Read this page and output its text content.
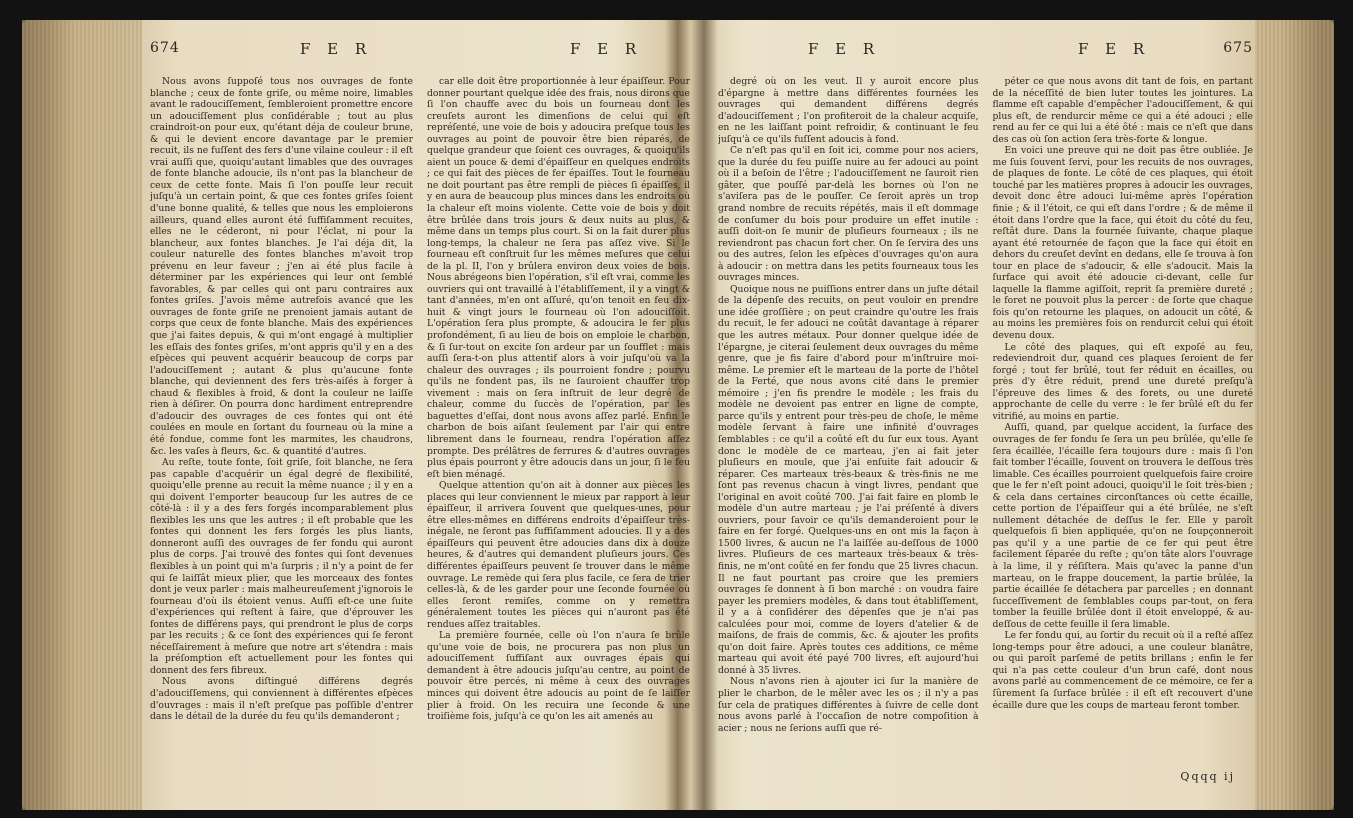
674	F E R	F E R

Nous avons ſuppoſé tous nos ouvrages de fonte blanche ; ceux de fonte griſe, ou même noire, limables avant le radouciſſement, ſembleroient promettre encore un adouciſſement plus conſidérable ; tout au plus craindroit-on pour eux, qu'étant déja de couleur brune, & qui le devient encore davantage par le premier recuit, ils ne fuſſent des fers d'une vilaine couleur : il eſt vrai auſſi que, quoiqu'autant limables que des ouvrages de fonte blanche adoucie, ils n'ont pas la blancheur de ceux de cette fonte. Mais ſi l'on pouſſe leur recuit juſqu'à un certain point, & que ces fontes griſes ſoient d'une bonne qualité, & telles que nous les emploierons ailleurs, quand elles auront été ſuffiſamment recuites, elles ne le céderont, ni pour l'éclat, ni pour la blancheur, aux fontes blanches. Je l'ai déja dit, la couleur naturelle des fontes blanches m'avoit trop prévenu en leur faveur ; j'en ai été plus facile à déterminer par les expériences qui leur ont ſemblé favorables, & par celles qui ont paru contraires aux fontes griſes. J'avois même autrefois avancé que les ouvrages de fonte griſe ne prenoient jamais autant de corps que ceux de fonte blanche. Mais des expériences que j'ai faites depuis, & qui m'ont engagé à multiplier les eſſais des fontes griſes, m'ont appris qu'il y en a des eſpèces qui peuvent acquérir beaucoup de corps par l'adouciſſement ; autant & plus qu'aucune fonte blanche, qui deviennent des fers très-aiſés à forger à chaud & flexibles à froid, & dont la couleur ne laiſſe rien à déſirer. On pourra donc hardiment entreprendre d'adoucir des ouvrages de ces fontes qui ont été coulées en moule en ſortant du fourneau où la mine a été fondue, comme font les marmites, les chaudrons, &c. les vaſes à fleurs, &c. & quantité d'autres.

Au reſte, toute fonte, ſoit griſe, ſoit blanche, ne ſera pas capable d'acquérir un égal degré de flexibilité, quoiqu'elle prenne au recuit la même nuance ; il y en a qui doivent l'emporter beaucoup ſur les autres de ce côté-là : il y a des fers forgés incomparablement plus flexibles les uns que les autres ; il eſt probable que les fontes qui donnent les fers forgés les plus liants, donneront auſſi des ouvrages de fer fondu qui auront plus de corps. J'ai trouvé des fontes qui ſont devenues flexibles à un point qui m'a ſurpris ; il n'y a point de fer qui ſe laiſſât mieux plier, que les morceaux des fontes dont je veux parler : mais malheureuſement j'ignorois le fourneau d'où ils étoient venus. Auſſi eſt-ce une ſuite d'expériences qui reſtent à faire, que d'éprouver les fontes de différens pays, qui prendront le plus de corps par les recuits ; & ce ſont des expériences qui ſe feront néceſſairement à meſure que notre art s'étendra : mais la préſomption eſt actuellement pour les fontes qui donnent des fers fibreux.

Nous avons diſtingué différens degrés d'adouciſſemens, qui conviennent à différentes eſpèces d'ouvrages : mais il n'eſt preſque pas poſſible d'entrer dans le détail de la durée du feu qu'ils demanderont ;

car elle doit être proportionnée à leur épaiſſeur. Pour donner pourtant quelque idée des frais, nous dirons que ſi l'on chauffe avec du bois un fourneau dont les creuſets auront les dimenſions de celui qui eſt repréſenté, une voie de bois y adoucira preſque tous les ouvrages au point de pouvoir être bien réparés, de quelque grandeur que ſoient ces ouvrages, & quoiqu'ils aient un pouce & demi d'épaiſſeur en quelques endroits ; ce qui fait des pièces de fer épaiſſes. Tout le fourneau ne doit pourtant pas être rempli de pièces ſi épaiſſes, il y en aura de beaucoup plus minces dans les endroits où la chaleur eſt moins violente. Cette voie de bois y doit être brûlée dans trois jours & deux nuits au plus, & même dans un temps plus court. Si on la fait durer plus long-temps, la chaleur ne ſera pas aſſez vive. Si le fourneau eſt conſtruit ſur les mêmes meſures que celui de la pl. II, l'on y brûlera environ deux voies de bois. Nous abrégeons bien l'opération, s'il eſt vrai, comme les ouvriers qui ont travaillé à l'établiſſement, il y a vingt & tant d'années, m'en ont aſſuré, qu'on tenoit en feu dix-huit & vingt jours le fourneau où l'on adouciſſoit. L'opération ſera plus prompte, & adoucira le fer plus profondément, ſi au lieu de bois on emploie le charbon, & ſi ſur-tout on excite ſon ardeur par un ſoufflet : mais auſſi ſera-t-on plus attentif alors à voir juſqu'où va la chaleur des ouvrages ; ils pourroient fondre ; pourvu qu'ils ne fondent pas, ils ne ſauroient chauffer trop vivement : mais on ſera inſtruit de leur degré de chaleur, comme du ſuccès de l'opération, par les baguettes d'eſſai, dont nous avons aſſez parlé. Enfin le charbon de bois aiſant ſeulement par l'air qui entre librement dans le fourneau, rendra l'opération aſſez prompte. Des prélâtres de ferrures & d'autres ouvrages plus épais pourront y être adoucis dans un jour, ſi le feu eſt bien ménagé.

Quelque attention qu'on ait à donner aux pièces les places qui leur conviennent le mieux par rapport à leur épaiſſeur, il arrivera ſouvent que quelques-unes, pour être elles-mêmes en différens endroits d'épaiſſeur très-inégale, ne ſeront pas ſuffiſamment adoucies. Il y a des épaiſſeurs qui peuvent être adoucies dans dix à douze heures, & d'autres qui demandent pluſieurs jours. Ces différentes épaiſſeurs peuvent ſe trouver dans le même ouvrage. Le remède qui ſera plus facile, ce ſera de trier celles-là, & de les garder pour une ſeconde fournée où elles ſeront remiſes, comme on y remettra généralement toutes les pièces qui n'auront pas été rendues aſſez traitables.

La première fournée, celle où l'on n'aura ſe brûle qu'une voie de bois, ne procurera pas non plus un adouciſſement ſuffiſant aux ouvrages épais qui demandent à être adoucis juſqu'au centre, au point de pouvoir être percés, ni même à ceux des ouvrages minces qui doivent être adoucis au point de ſe laiſſer plier à froid. On les recuira une ſeconde & une troiſième fois, juſqu'à ce qu'on les ait amenés au

F E R	F E R	675

degré où on les veut. Il y auroit encore plus d'épargne à mettre dans différentes fournées les ouvrages qui demandent différens degrés d'adouciſſement ; l'on profiteroit de la chaleur acquiſe, en ne les laiſſant point refroidir, & continuant le feu juſqu'à ce qu'ils fuſſent adoucis à fond.

Ce n'eſt pas qu'il en ſoit ici, comme pour nos aciers, que la durée du feu puiſſe nuire au fer adouci au point où il a beſoin de l'être ; l'adouciſſement ne ſauroit rien gâter, que pouſſé par-delà les bornes où l'on ne s'aviſera pas de le pouſſer. Ce ſeroit après un trop grand nombre de recuits répétés, mais il eſt dommage de conſumer du bois pour produire un effet inutile : auſſi doit-on ſe munir de pluſieurs fourneaux ; ils ne reviendront pas chacun fort cher. On ſe ſervira des uns ou des autres, ſelon les eſpèces d'ouvrages qu'on aura à adoucir : on mettra dans les petits fourneaux tous les ouvrages minces.

Quoique nous ne puiſſions entrer dans un juſte détail de la dépenſe des recuits, on peut vouloir en prendre une idée groſſière ; on peut craindre qu'outre les frais du recuit, le fer adouci ne coûtât davantage à réparer que les autres métaux. Pour donner quelque idée de l'épargne, je citerai ſeulement deux ouvrages du même genre, que je fis faire d'abord pour m'inſtruire moi-même. Le premier eſt le marteau de la porte de l'hôtel de la Ferté, que nous avons cité dans le premier mémoire ; j'en fis prendre le modèle ; les frais du modèle ne devoient pas entrer en ligne de compte, parce qu'ils y entrent pour très-peu de choſe, le même modèle ſervant à faire une infinité d'ouvrages ſemblables : ce qu'il a coûté eſt du ſur eux tous. Ayant donc le modèle de ce marteau, j'en ai fait jeter pluſieurs en moule, que j'ai enſuite fait adoucir & réparer. Ces marteaux très-beaux & très-finis ne me ſont pas revenus chacun à vingt livres, pendant que l'original en avoit coûté 700. J'ai fait faire en plomb le modèle d'un autre marteau ; je l'ai préſenté à divers ouvriers, pour ſavoir ce qu'ils demanderoient pour le faire en fer forgé. Quelques-uns en ont mis la façon à 1500 livres, & aucun ne l'a laiſſée au-deſſous de 1000 livres. Pluſieurs de ces marteaux très-beaux & très-finis, ne m'ont coûté en fer fondu que 25 livres chacun. Il ne faut pourtant pas croire que les premiers ouvrages ſe donnent à ſi bon marché : on voudra faire payer les premiers modèles, & dans tout établiſſement, il y a à conſidérer des dépenſes que je n'ai pas calculées pour moi, comme de loyers d'atelier & de maiſons, de frais de commis, &c. & ajouter les profits qu'on doit faire. Après toutes ces additions, ce même marteau qui avoit été payé 700 livres, eſt aujourd'hui donné à 35 livres.

Nous n'avons rien à ajouter ici ſur la manière de plier le charbon, de le mêler avec les os ; il n'y a pas ſur cela de pratiques différentes à ſuivre de celle dont nous avons parlé à l'occaſion de notre compoſition à acier ; nous ne ſerions auſſi que ré-

péter ce que nous avons dit tant de fois, en partant de la néceſſité de bien luter toutes les jointures. La flamme eſt capable d'empêcher l'adouciſſement, & qui plus eſt, de rendurcir même ce qui a été adouci ; elle rend au fer ce qui lui a été ôté : mais ce n'eſt que dans des cas où ſon action ſera très-forte & longue.

En voici une preuve qui ne doit pas être oubliée. Je me ſuis ſouvent ſervi, pour les recuits de nos ouvrages, de plaques de fonte. Le côté de ces plaques, qui étoit touché par les matières propres à adoucir les ouvrages, devoit donc être adouci lui-même après l'opération finie ; & il l'étoit, ce qui eſt dans l'ordre ; & de même il étoit dans l'ordre que la face, qui étoit du côté du feu, reſtât dure. Dans la fournée ſuivante, chaque plaque ayant été retournée de façon que la face qui étoit en dehors du creuſet devînt en dedans, elle ſe trouva à ſon tour en place de s'adoucir, & elle s'adoucit. Mais la ſurface qui avoit été adoucie ci-devant, celle ſur laquelle la flamme agiſſoit, reprit ſa première dureté ; le foret ne pouvoit plus la percer : de ſorte que chaque fois qu'on retourne les plaques, on adoucit un côté, & au moins les premières fois on rendurcit celui qui étoit devenu doux.

Le côté des plaques, qui eſt expoſé au feu, redeviendroit dur, quand ces plaques ſeroient de fer forgé ; tout fer brûlé, tout fer réduit en écailles, ou près d'y être réduit, prend une dureté preſqu'à l'épreuve des limes & des forets, ou une dureté approchante de celle du verre : le fer brûlé eſt du fer vitrifié, au moins en partie.

Auſſi, quand, par quelque accident, la ſurface des ouvrages de fer fondu ſe ſera un peu brûlée, qu'elle ſe ſera écaillée, l'écaille ſera toujours dure : mais ſi l'on fait tomber l'écaille, ſouvent on trouvera le deſſous très limable. Ces écailles pourroient quelquefois faire croire que le fer n'eſt point adouci, quoiqu'il le ſoit très-bien ; & cela dans certaines circonſtances où cette écaille, cette portion de l'épaiſſeur qui a été brûlée, ne s'eſt nullement détachée de deſſus le fer. Elle y paroît quelquefois ſi bien appliquée, qu'on ne ſoupçonneroit pas qu'il y a une partie de ce fer qui peut être facilement ſéparée du reſte ; qu'on tâte alors l'ouvrage à la lime, il y réſiſtera. Mais qu'avec la panne d'un marteau, on le frappe doucement, la partie brûlée, la partie écaillée ſe détachera par parcelles ; en donnant ſucceſſivement de ſemblables coups par-tout, on fera tomber la feuille brûlée dont il étoit enveloppé, & au-deſſous de cette feuille il ſera limable.

Le fer fondu qui, au ſortir du recuit où il a reſté aſſez long-temps pour être adouci, a une couleur blanâtre, ou qui paroît parſemé de petits brillans ; enfin le fer qui n'a pas cette couleur d'un brun café, dont nous avons parlé au commencement de ce mémoire, ce fer a ſûrement ſa ſurface brûlée : il eſt eſt recouvert d'une écaille dure que les coups de marteau feront tomber.
